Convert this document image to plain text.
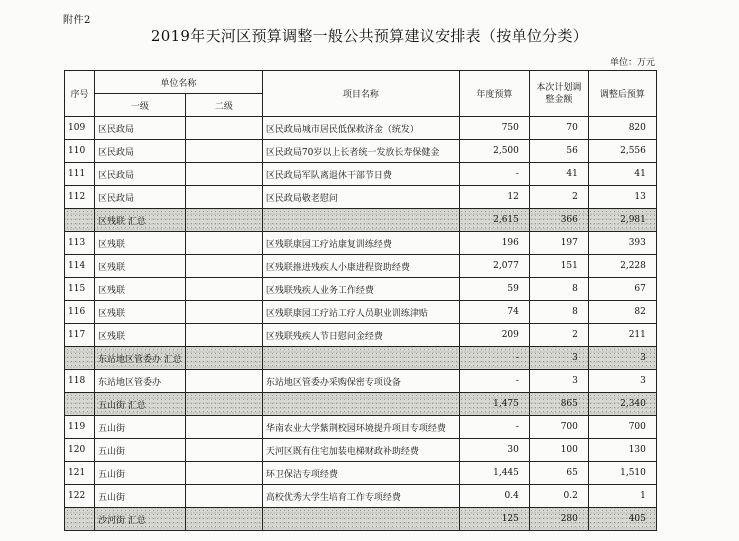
附件2
2019年天河区预算调整一般公共预算建议安排表（按单位分类）
单位：万元
序号	单位名称		项目名称	年度预算	本次计划调整金额	调整后预算
	一级	二级				
109	区民政局		区民政局城市居民低保救济金（统发）	750	70	820
110	区民政局		区民政局70岁以上长者统一发放长寿保健金	2,500	56	2,556
111	区民政局		区民政局军队离退休干部节日费	-	41	41
112	区民政局		区民政局敬老慰问	12	2	13
	区残联 汇总			2,615	366	2,981
113	区残联		区残联康园工疗站康复训练经费	196	197	393
114	区残联		区残联推进残疾人小康进程资助经费	2,077	151	2,228
115	区残联		区残联残疾人业务工作经费	59	8	67
116	区残联		区残联康园工疗站工疗人员职业训练津贴	74	8	82
117	区残联		区残联残疾人节日慰问金经费	209	2	211
	东站地区管委办 汇总			-	3	3
118	东站地区管委办		东站地区管委办采购保密专项设备	-	3	3
	五山街 汇总			1,475	865	2,340
119	五山街		华南农业大学紫荆校园环境提升项目专项经费	-	700	700
120	五山街		天河区既有住宅加装电梯财政补助经费	30	100	130
121	五山街		环卫保洁专项经费	1,445	65	1,510
122	五山街		高校优秀大学生培育工作专项经费	0.4	0.2	1
	沙河街 汇总			125	280	405
